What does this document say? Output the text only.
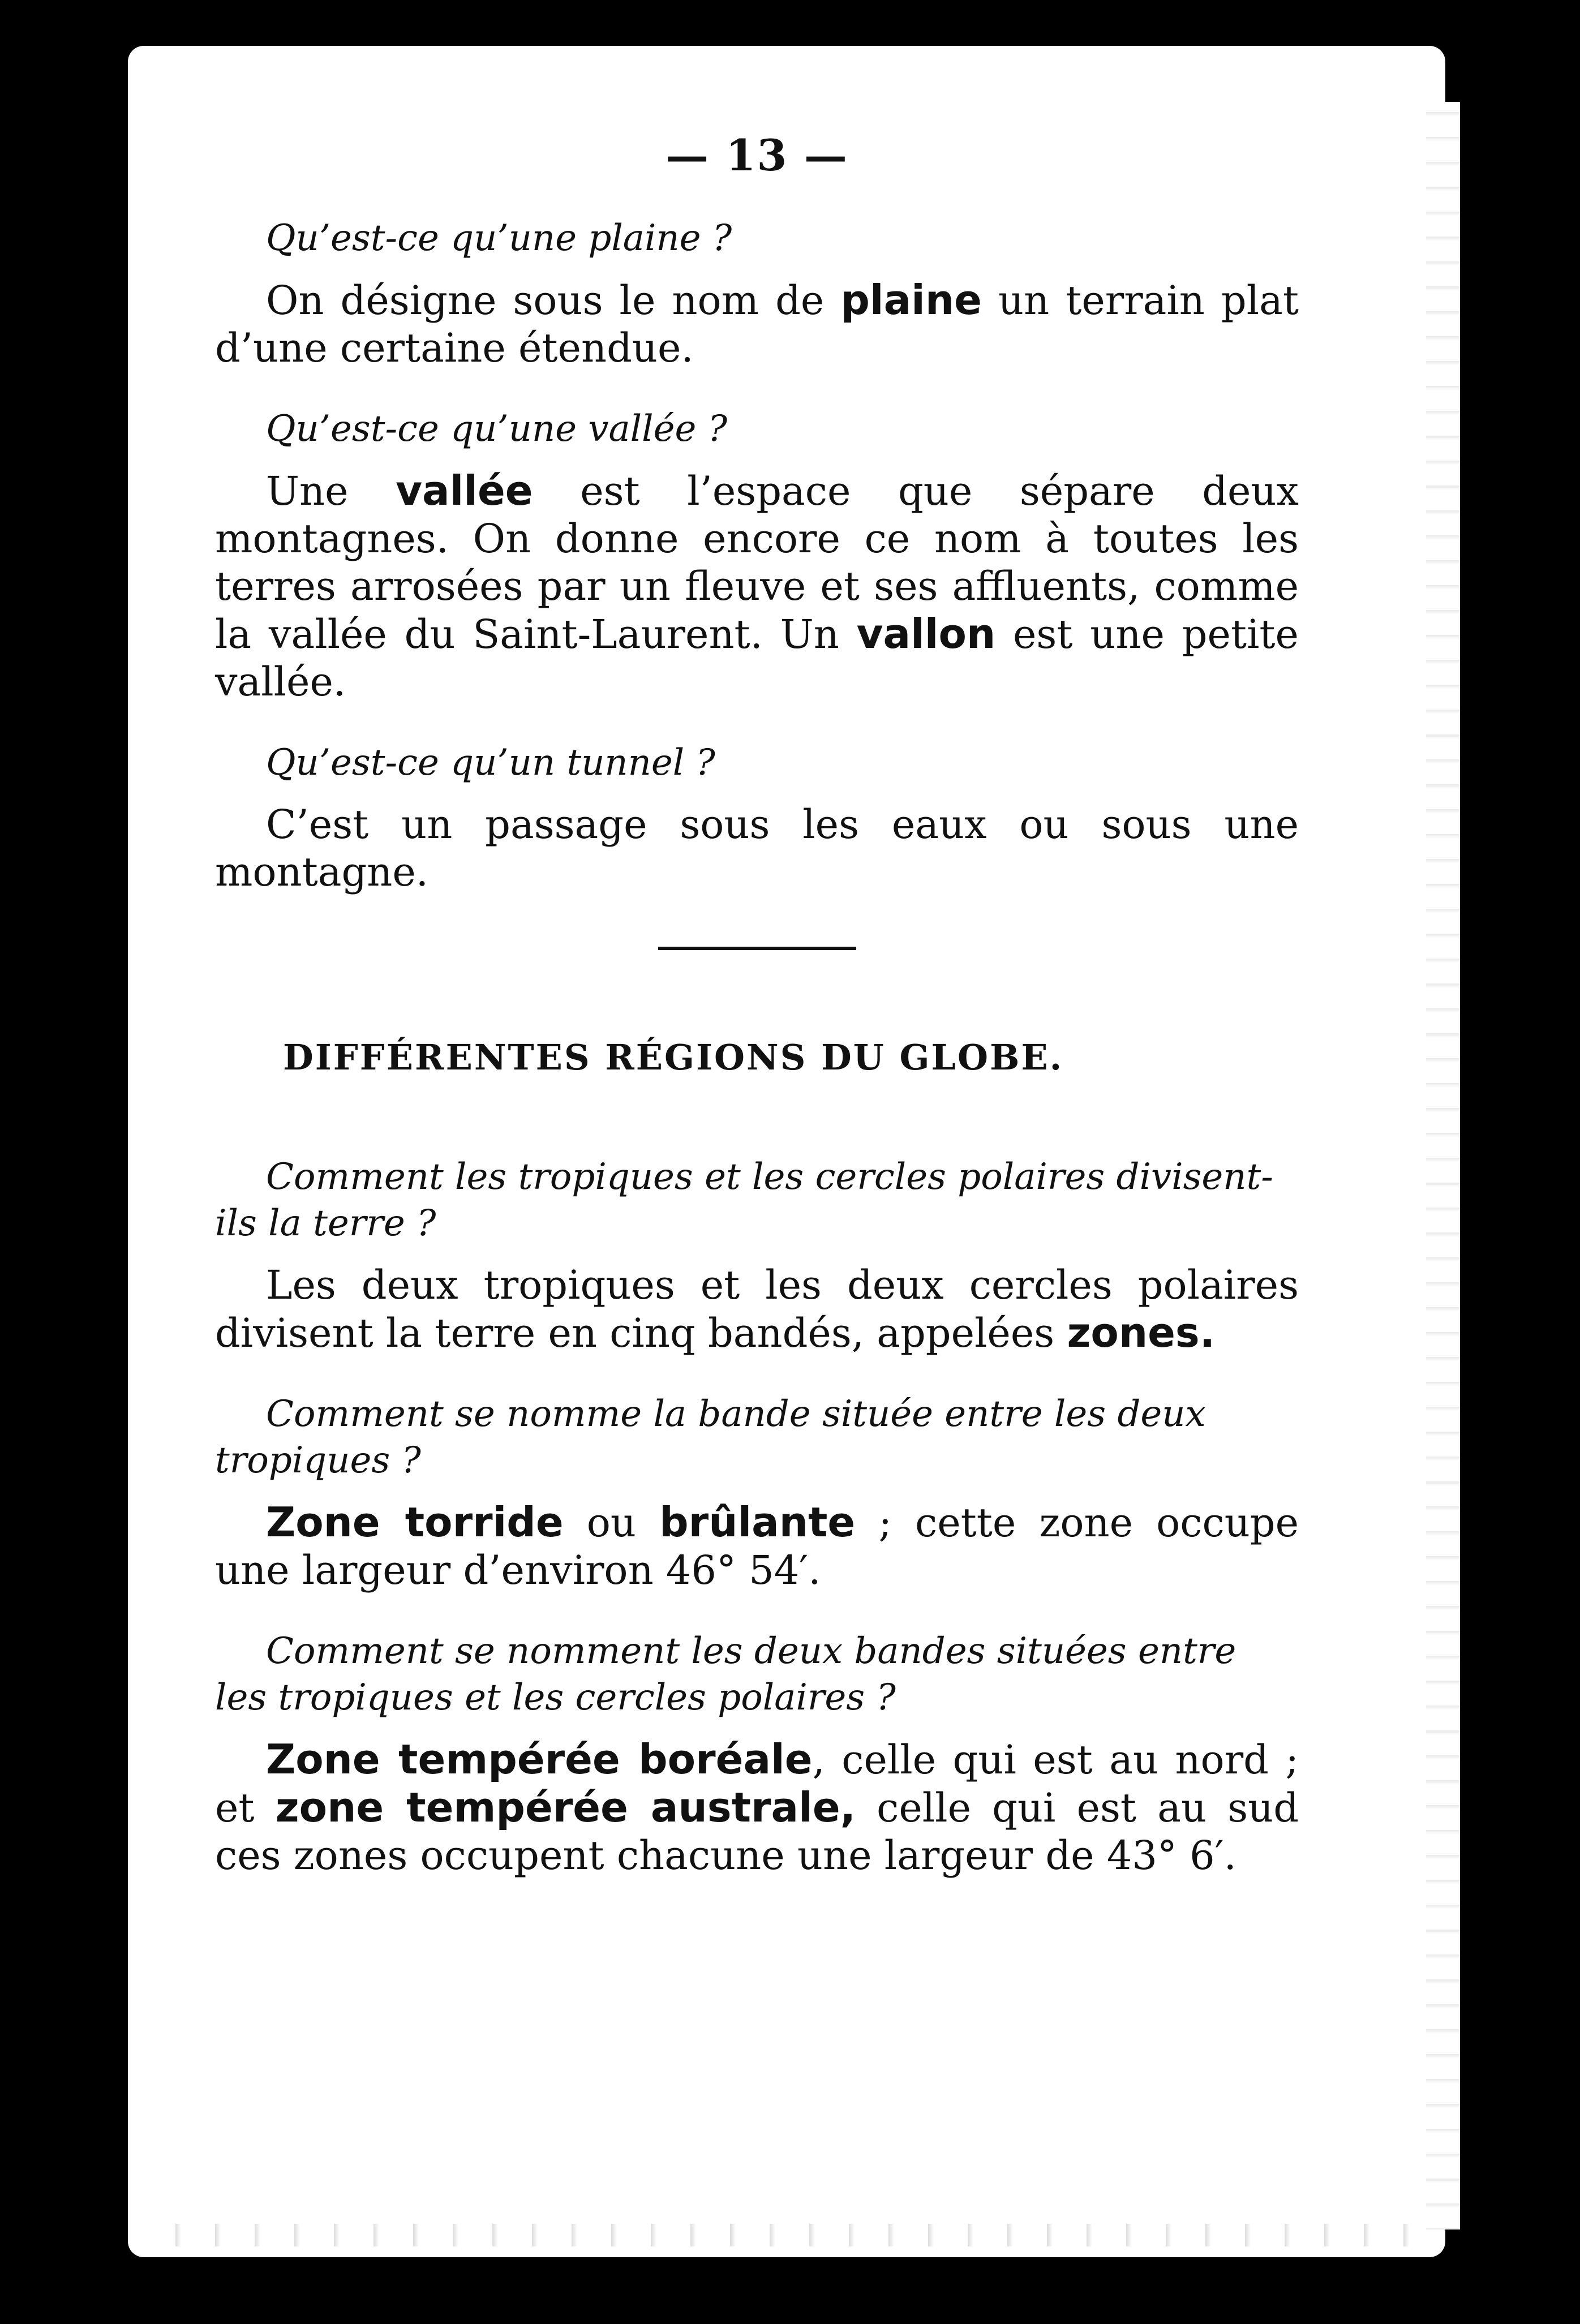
— 13 —
Qu’est-ce qu’une plaine ?
On désigne sous le nom de plaine un terrain plat d’une certaine étendue.
Qu’est-ce qu’une vallée ?
Une vallée est l’espace que sépare deux montagnes. On donne encore ce nom à toutes les terres arrosées par un fleuve et ses affluents, comme la vallée du Saint-Laurent. Un vallon est une petite vallée.
Qu’est-ce qu’un tunnel ?
C’est un passage sous les eaux ou sous une montagne.
DIFFÉRENTES RÉGIONS DU GLOBE.
Comment les tropiques et les cercles polaires divisent-ils la terre ?
Les deux tropiques et les deux cercles polaires divisent la terre en cinq bandés, appelées zones.
Comment se nomme la bande située entre les deux tropiques ?
Zone torride ou brûlante ; cette zone occupe une largeur d’environ 46° 54′.
Comment se nomment les deux bandes situées entre les tropiques et les cercles polaires ?
Zone tempérée boréale, celle qui est au nord ; et zone tempérée australe, celle qui est au sud ces zones occupent chacune une largeur de 43° 6′.
